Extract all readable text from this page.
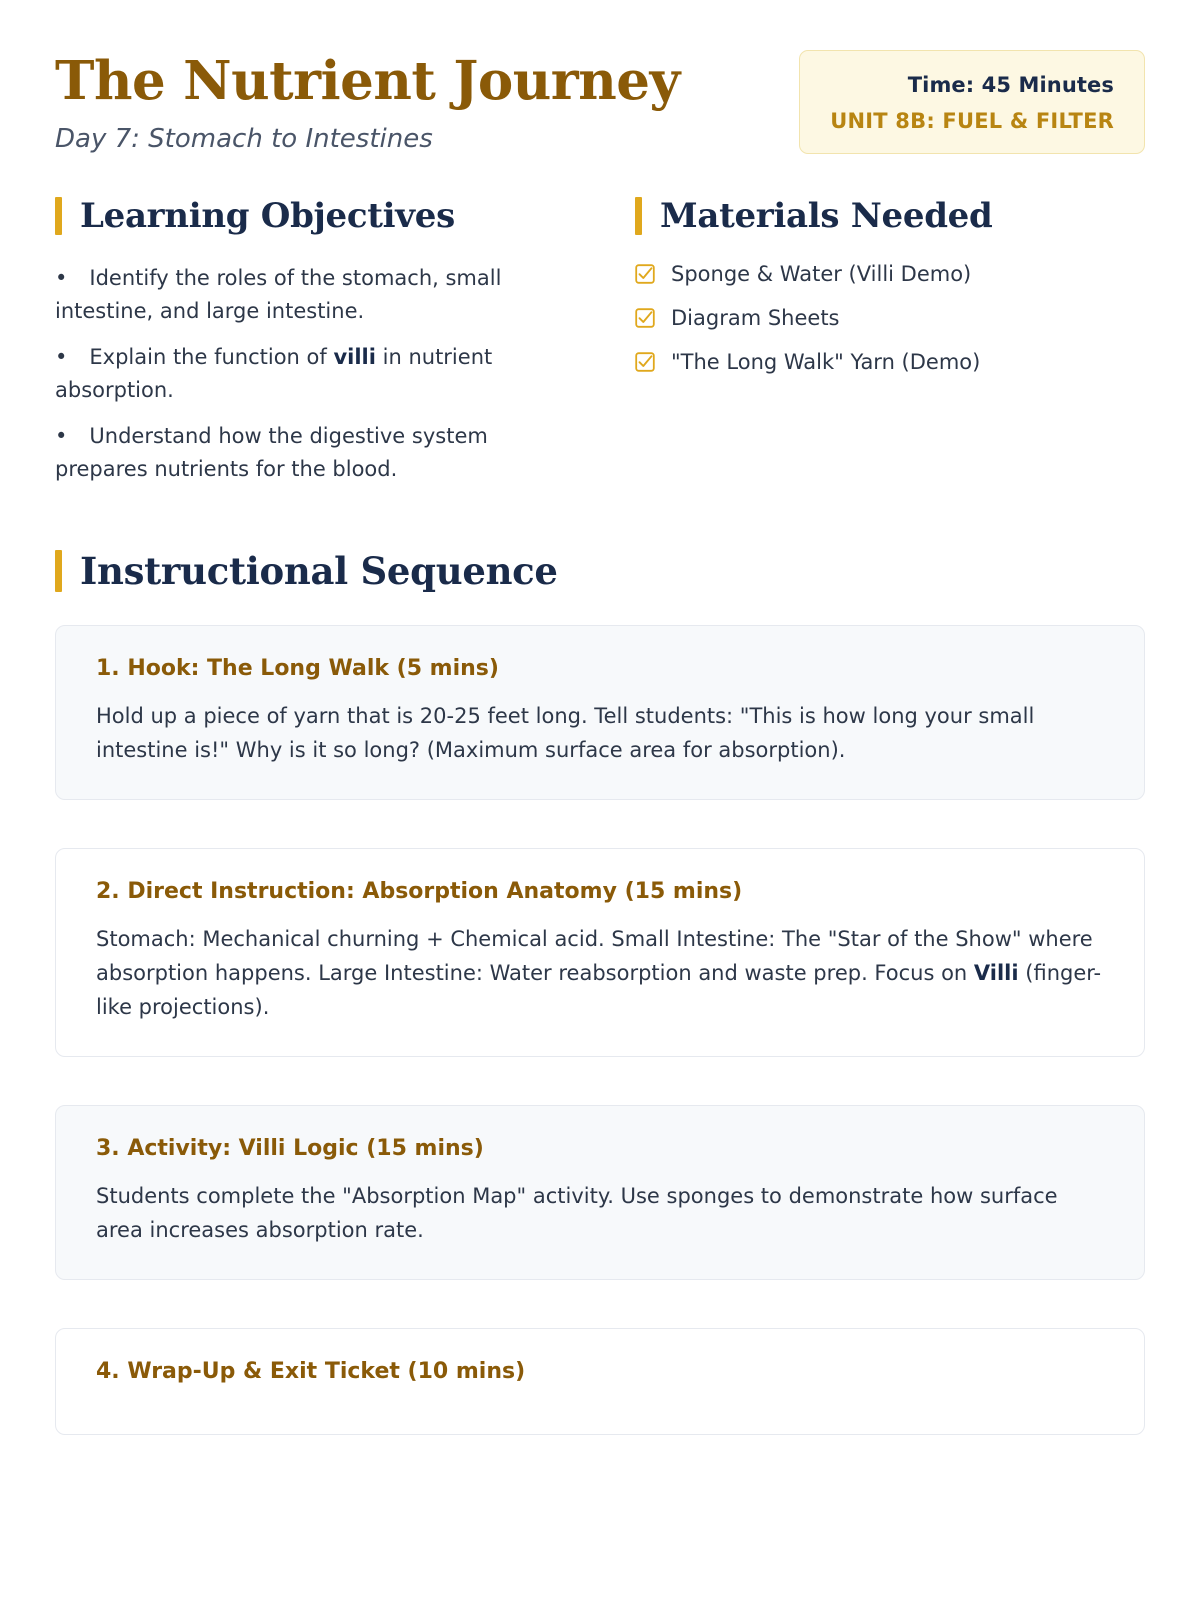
The Nutrient Journey
Day 7: Stomach to Intestines
Time: 45 Minutes
UNIT 8B: FUEL & FILTER
Learning Objectives
• Identify the roles of the stomach, small intestine, and large intestine.
• Explain the function of villi in nutrient absorption.
• Understand how the digestive system prepares nutrients for the blood.
Materials Needed
Sponge & Water (Villi Demo)
Diagram Sheets
"The Long Walk" Yarn (Demo)
Instructional Sequence
1. Hook: The Long Walk (5 mins)
Hold up a piece of yarn that is 20-25 feet long. Tell students: "This is how long your small intestine is!" Why is it so long? (Maximum surface area for absorption).
2. Direct Instruction: Absorption Anatomy (15 mins)
Stomach: Mechanical churning + Chemical acid. Small Intestine: The "Star of the Show" where absorption happens. Large Intestine: Water reabsorption and waste prep. Focus on Villi (finger-like projections).
3. Activity: Villi Logic (15 mins)
Students complete the "Absorption Map" activity. Use sponges to demonstrate how surface area increases absorption rate.
4. Wrap-Up & Exit Ticket (10 mins)
